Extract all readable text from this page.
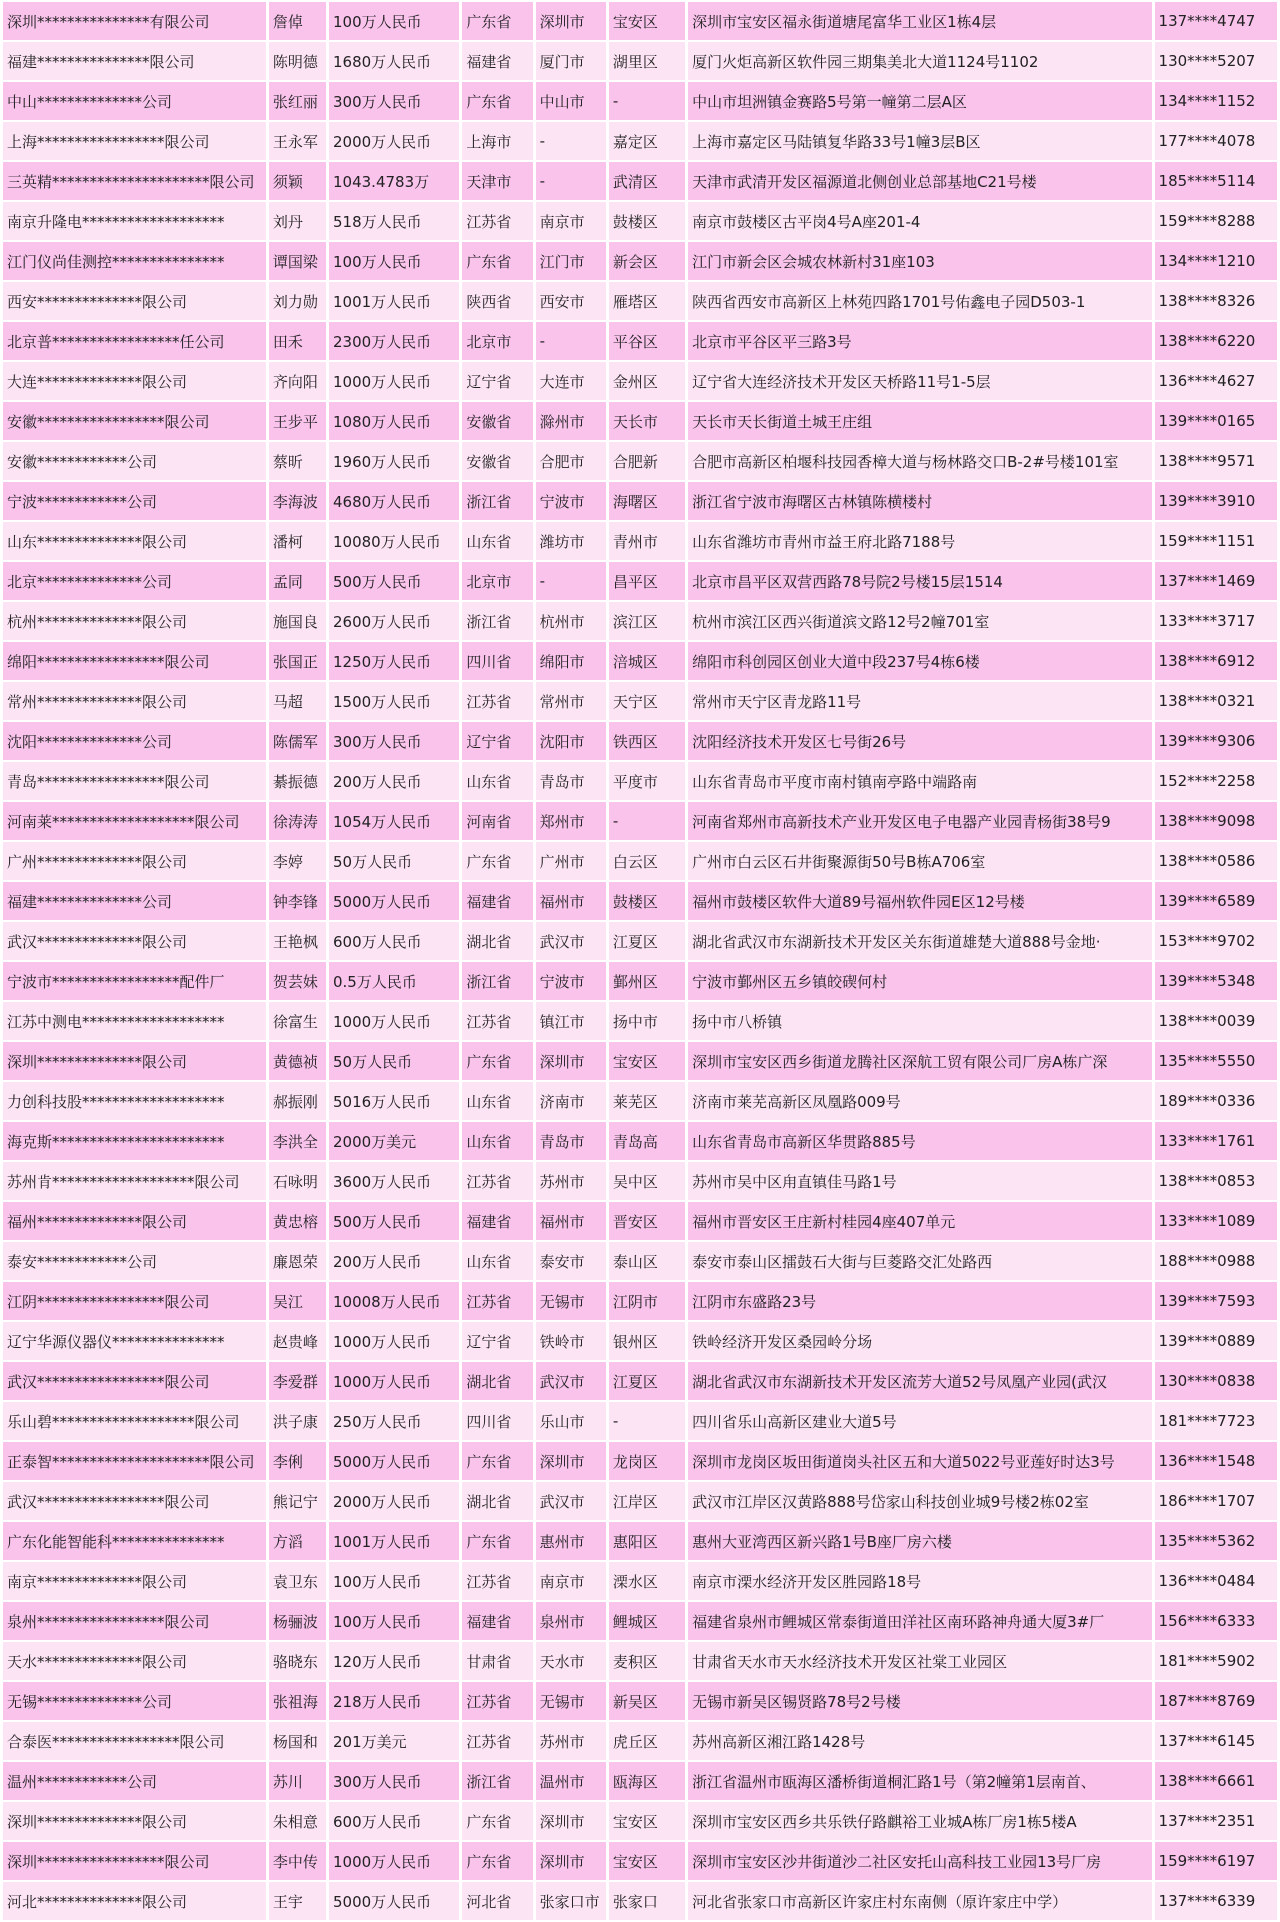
深圳***************有限公司	詹倬	100万人民币	广东省	深圳市	宝安区	深圳市宝安区福永街道塘尾富华工业区1栋4层	137****4747
福建***************限公司	陈明德	1680万人民币	福建省	厦门市	湖里区	厦门火炬高新区软件园三期集美北大道1124号1102	130****5207
中山**************公司	张红丽	300万人民币	广东省	中山市	-	中山市坦洲镇金赛路5号第一幢第二层A区	134****1152
上海*****************限公司	王永军	2000万人民币	上海市	-	嘉定区	上海市嘉定区马陆镇复华路33号1幢3层B区	177****4078
三英精*********************限公司	须颖	1043.4783万	天津市	-	武清区	天津市武清开发区福源道北侧创业总部基地C21号楼	185****5114
南京升隆电*******************	刘丹	518万人民币	江苏省	南京市	鼓楼区	南京市鼓楼区古平岗4号A座201-4	159****8288
江门仪尚佳测控***************	谭国梁	100万人民币	广东省	江门市	新会区	江门市新会区会城农林新村31座103	134****1210
西安**************限公司	刘力勋	1001万人民币	陕西省	西安市	雁塔区	陕西省西安市高新区上林苑四路1701号佑鑫电子园D503-1	138****8326
北京普*****************任公司	田禾	2300万人民币	北京市	-	平谷区	北京市平谷区平三路3号	138****6220
大连**************限公司	齐向阳	1000万人民币	辽宁省	大连市	金州区	辽宁省大连经济技术开发区天桥路11号1-5层	136****4627
安徽*****************限公司	王步平	1080万人民币	安徽省	滁州市	天长市	天长市天长街道土城王庄组	139****0165
安徽************公司	蔡昕	1960万人民币	安徽省	合肥市	合肥新	合肥市高新区柏堰科技园香樟大道与杨林路交口B-2#号楼101室	138****9571
宁波************公司	李海波	4680万人民币	浙江省	宁波市	海曙区	浙江省宁波市海曙区古林镇陈横楼村	139****3910
山东**************限公司	潘柯	10080万人民币	山东省	潍坊市	青州市	山东省潍坊市青州市益王府北路7188号	159****1151
北京**************公司	孟同	500万人民币	北京市	-	昌平区	北京市昌平区双营西路78号院2号楼15层1514	137****1469
杭州**************限公司	施国良	2600万人民币	浙江省	杭州市	滨江区	杭州市滨江区西兴街道滨文路12号2幢701室	133****3717
绵阳*****************限公司	张国正	1250万人民币	四川省	绵阳市	涪城区	绵阳市科创园区创业大道中段237号4栋6楼	138****6912
常州**************限公司	马超	1500万人民币	江苏省	常州市	天宁区	常州市天宁区青龙路11号	138****0321
沈阳**************公司	陈儒军	300万人民币	辽宁省	沈阳市	铁西区	沈阳经济技术开发区七号街26号	139****9306
青岛*****************限公司	綦振德	200万人民币	山东省	青岛市	平度市	山东省青岛市平度市南村镇南亭路中端路南	152****2258
河南莱*******************限公司	徐涛涛	1054万人民币	河南省	郑州市	-	河南省郑州市高新技术产业开发区电子电器产业园青杨街38号9	138****9098
广州**************限公司	李婷	50万人民币	广东省	广州市	白云区	广州市白云区石井街聚源街50号B栋A706室	138****0586
福建**************公司	钟李锋	5000万人民币	福建省	福州市	鼓楼区	福州市鼓楼区软件大道89号福州软件园E区12号楼	139****6589
武汉**************限公司	王艳枫	600万人民币	湖北省	武汉市	江夏区	湖北省武汉市东湖新技术开发区关东街道雄楚大道888号金地·	153****9702
宁波市*****************配件厂	贺芸妹	0.5万人民币	浙江省	宁波市	鄞州区	宁波市鄞州区五乡镇皎碶何村	139****5348
江苏中测电*******************	徐富生	1000万人民币	江苏省	镇江市	扬中市	扬中市八桥镇	138****0039
深圳**************限公司	黄德祯	50万人民币	广东省	深圳市	宝安区	深圳市宝安区西乡街道龙腾社区深航工贸有限公司厂房A栋广深	135****5550
力创科技股*******************	郝振刚	5016万人民币	山东省	济南市	莱芜区	济南市莱芜高新区凤凰路009号	189****0336
海克斯***********************	李洪全	2000万美元	山东省	青岛市	青岛高	山东省青岛市高新区华贯路885号	133****1761
苏州肯*******************限公司	石咏明	3600万人民币	江苏省	苏州市	吴中区	苏州市吴中区甪直镇佳马路1号	138****0853
福州**************限公司	黄忠榕	500万人民币	福建省	福州市	晋安区	福州市晋安区王庄新村桂园4座407单元	133****1089
泰安************公司	廉恩荣	200万人民币	山东省	泰安市	泰山区	泰安市泰山区擂鼓石大街与巨菱路交汇处路西	188****0988
江阴*****************限公司	吴江	10008万人民币	江苏省	无锡市	江阴市	江阴市东盛路23号	139****7593
辽宁华源仪器仪***************	赵贵峰	1000万人民币	辽宁省	铁岭市	银州区	铁岭经济开发区桑园岭分场	139****0889
武汉*****************限公司	李爱群	1000万人民币	湖北省	武汉市	江夏区	湖北省武汉市东湖新技术开发区流芳大道52号凤凰产业园(武汉	130****0838
乐山碧*******************限公司	洪子康	250万人民币	四川省	乐山市	-	四川省乐山高新区建业大道5号	181****7723
正泰智*********************限公司	李俐	5000万人民币	广东省	深圳市	龙岗区	深圳市龙岗区坂田街道岗头社区五和大道5022号亚莲好时达3号	136****1548
武汉*****************限公司	熊记宁	2000万人民币	湖北省	武汉市	江岸区	武汉市江岸区汉黄路888号岱家山科技创业城9号楼2栋02室	186****1707
广东化能智能科***************	方滔	1001万人民币	广东省	惠州市	惠阳区	惠州大亚湾西区新兴路1号B座厂房六楼	135****5362
南京**************限公司	袁卫东	100万人民币	江苏省	南京市	溧水区	南京市溧水经济开发区胜园路18号	136****0484
泉州*****************限公司	杨骊波	100万人民币	福建省	泉州市	鲤城区	福建省泉州市鲤城区常泰街道田洋社区南环路神舟通大厦3#厂	156****6333
天水**************限公司	骆晓东	120万人民币	甘肃省	天水市	麦积区	甘肃省天水市天水经济技术开发区社棠工业园区	181****5902
无锡**************公司	张祖海	218万人民币	江苏省	无锡市	新吴区	无锡市新吴区锡贤路78号2号楼	187****8769
合泰医*****************限公司	杨国和	201万美元	江苏省	苏州市	虎丘区	苏州高新区湘江路1428号	137****6145
温州************公司	苏川	300万人民币	浙江省	温州市	瓯海区	浙江省温州市瓯海区潘桥街道桐汇路1号（第2幢第1层南首、	138****6661
深圳**************限公司	朱相意	600万人民币	广东省	深圳市	宝安区	深圳市宝安区西乡共乐铁仔路麒裕工业城A栋厂房1栋5楼A	137****2351
深圳*****************限公司	李中传	1000万人民币	广东省	深圳市	宝安区	深圳市宝安区沙井街道沙二社区安托山高科技工业园13号厂房	159****6197
河北**************限公司	王宇	5000万人民币	河北省	张家口市	张家口	河北省张家口市高新区许家庄村东南侧（原许家庄中学）	137****6339
